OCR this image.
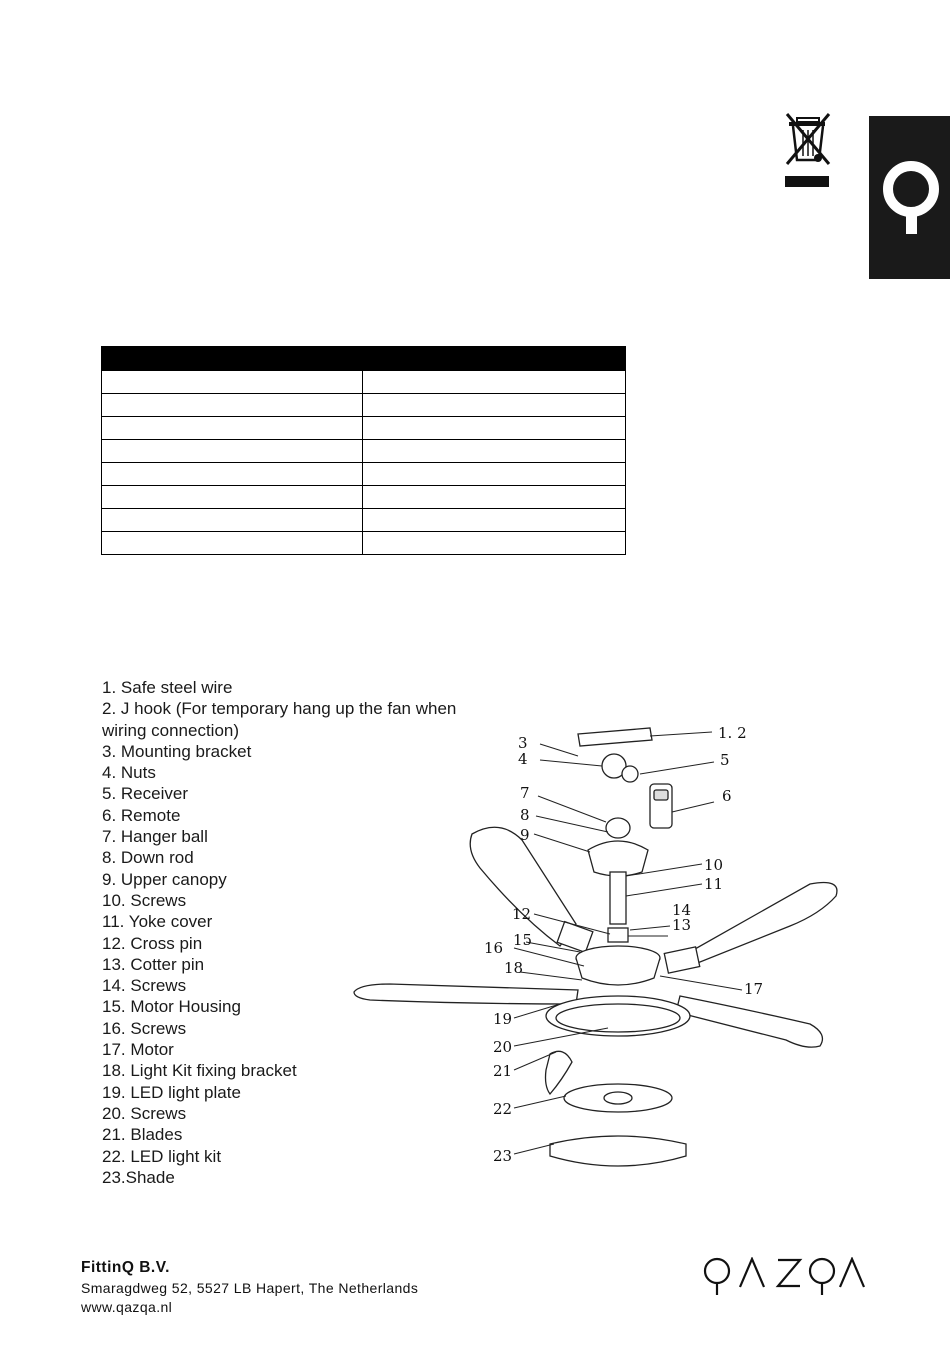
1. Safe steel wire
2. J hook (For temporary hang up the fan when
wiring connection)
3. Mounting bracket
4. Nuts
5. Receiver
6. Remote
7. Hanger ball
8. Down rod
9. Upper canopy
10. Screws
11. Yoke cover
12. Cross pin
13. Cotter pin
14. Screws
15. Motor Housing
16. Screws
17. Motor
18. Light Kit fixing bracket
19. LED light plate
20. Screws
21. Blades
22. LED light kit
23.Shade
1. 2
3
4	5
6
7
8
9
10
11
12
13
14
15
16
17
18
19
20
21
22
23
FittinQ B.V.
Smaragdweg 52, 5527 LB Hapert, The Netherlands
www.qazqa.nl
